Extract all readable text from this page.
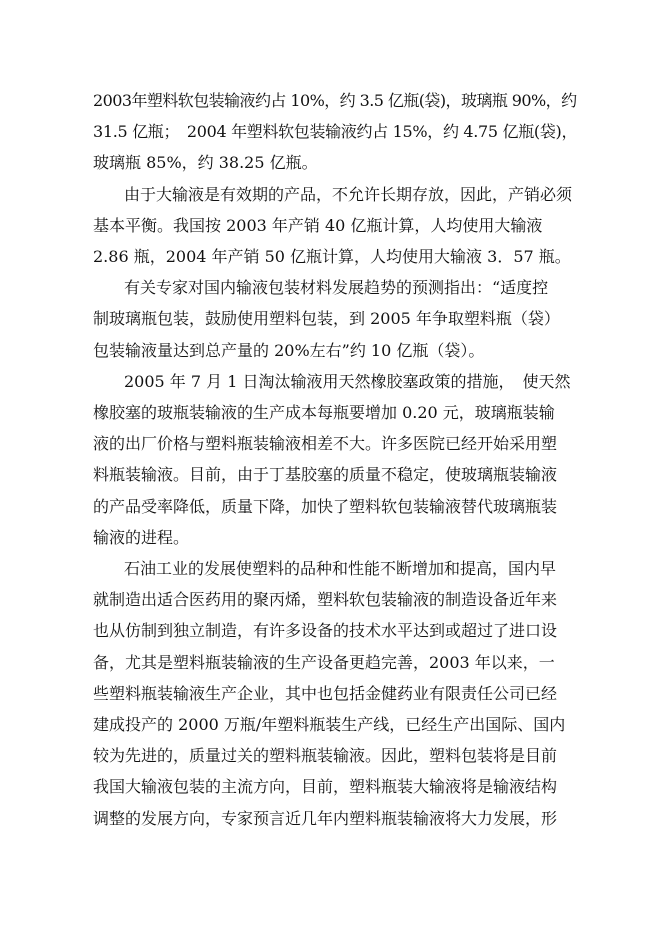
2003年塑料软包装输液约占 10%，约 3.5 亿瓶(袋)，玻璃瓶 90%，约
31.5 亿瓶；　2004 年塑料软包装输液约占 15%，约 4.75 亿瓶(袋)，
玻璃瓶 85%，约 38.25 亿瓶。
由于大输液是有效期的产品，不允许长期存放，因此，产销必须
基本平衡。我国按 2003 年产销 40 亿瓶计算，人均使用大输液
2.86 瓶，2004 年产销 50 亿瓶计算，人均使用大输液 3．57 瓶。
有关专家对国内输液包装材料发展趋势的预测指出：“适度控
制玻璃瓶包装，鼓励使用塑料包装，到 2005 年争取塑料瓶（袋）
包装输液量达到总产量的 20%左右”约 10 亿瓶（袋）。
2005 年 7 月 1 日淘汰输液用天然橡胶塞政策的措施，　使天然
橡胶塞的玻瓶装输液的生产成本每瓶要增加 0.20 元，玻璃瓶装输
液的出厂价格与塑料瓶装输液相差不大。许多医院已经开始采用塑
料瓶装输液。目前，由于丁基胶塞的质量不稳定，使玻璃瓶装输液
的产品受率降低，质量下降，加快了塑料软包装输液替代玻璃瓶装
输液的进程。
石油工业的发展使塑料的品种和性能不断增加和提高，国内早
就制造出适合医药用的聚丙烯，塑料软包装输液的制造设备近年来
也从仿制到独立制造，有许多设备的技术水平达到或超过了进口设
备，尤其是塑料瓶装输液的生产设备更趋完善，2003 年以来，一
些塑料瓶装输液生产企业，其中也包括金健药业有限责任公司已经
建成投产的 2000 万瓶/年塑料瓶装生产线，已经生产出国际、国内
较为先进的，质量过关的塑料瓶装输液。因此，塑料包装将是目前
我国大输液包装的主流方向，目前，塑料瓶装大输液将是输液结构
调整的发展方向，专家预言近几年内塑料瓶装输液将大力发展，形
